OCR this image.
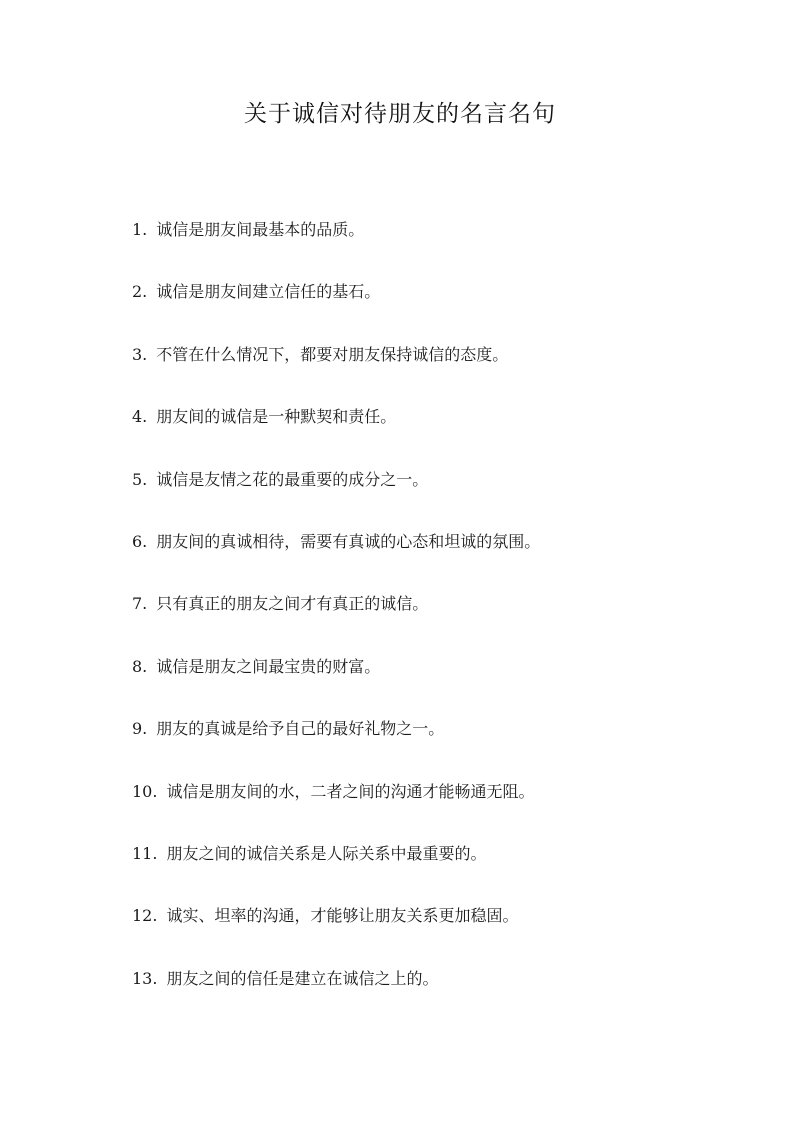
关于诚信对待朋友的名言名句
1. 诚信是朋友间最基本的品质。
2. 诚信是朋友间建立信任的基石。
3. 不管在什么情况下，都要对朋友保持诚信的态度。
4. 朋友间的诚信是一种默契和责任。
5. 诚信是友情之花的最重要的成分之一。
6. 朋友间的真诚相待，需要有真诚的心态和坦诚的氛围。
7. 只有真正的朋友之间才有真正的诚信。
8. 诚信是朋友之间最宝贵的财富。
9. 朋友的真诚是给予自己的最好礼物之一。
10. 诚信是朋友间的水，二者之间的沟通才能畅通无阻。
11. 朋友之间的诚信关系是人际关系中最重要的。
12. 诚实、坦率的沟通，才能够让朋友关系更加稳固。
13. 朋友之间的信任是建立在诚信之上的。
